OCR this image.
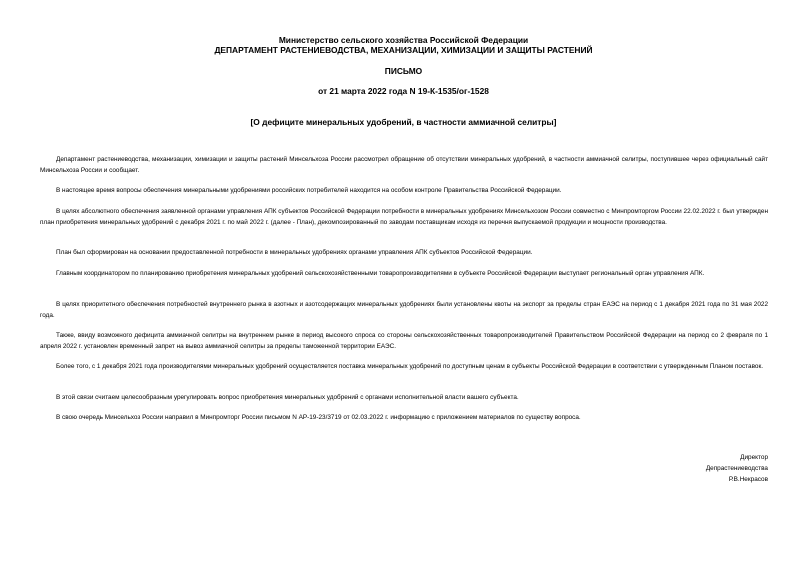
Министерство сельского хозяйства Российской Федерации
ДЕПАРТАМЕНТ РАСТЕНИЕВОДСТВА, МЕХАНИЗАЦИИ, ХИМИЗАЦИИ И ЗАЩИТЫ РАСТЕНИЙ
ПИСЬМО
от 21 марта 2022 года N 19-К-1535/ог-1528
[О дефиците минеральных удобрений, в частности аммиачной селитры]
Департамент растениеводства, механизации, химизации и защиты растений Минсельхоза России рассмотрел обращение об отсутствии минеральных удобрений, в частности аммиачной селитры, поступившее через официальный сайт Минсельхоза России и сообщает.
В настоящее время вопросы обеспечения минеральными удобрениями российских потребителей находится на особом контроле Правительства Российской Федерации.
В целях абсолютного обеспечения заявленной органами управления АПК субъектов Российской Федерации потребности в минеральных удобрениях Минсельхозом России совместно с Минпромторгом России 22.02.2022 г. был утвержден план приобретения минеральных удобрений с декабря 2021 г. по май 2022 г. (далее - План), декомпозированный по заводам поставщикам исходя из перечня выпускаемой продукции и мощности производства.
План был сформирован на основании предоставленной потребности в минеральных удобрениях органами управления АПК субъектов Российской Федерации.
Главным координатором по планированию приобретения минеральных удобрений сельскохозяйственными товаропроизводителями в субъекте Российской Федерации выступает региональный орган управления АПК.
В целях приоритетного обеспечения потребностей внутреннего рынка в азотных и азотсодержащих минеральных удобрениях были установлены квоты на экспорт за пределы стран ЕАЭС на период с 1 декабря 2021 года по 31 мая 2022 года.
Также, ввиду возможного дефицита аммиачной селитры на внутреннем рынке в период высокого спроса со стороны сельскохозяйственных товаропроизводителей Правительством Российской Федерации на период со 2 февраля по 1 апреля 2022 г. установлен временный запрет на вывоз аммиачной селитры за пределы таможенной территории ЕАЭС.
Более того, с 1 декабря 2021 года производителями минеральных удобрений осуществляется поставка минеральных удобрений по доступным ценам в субъекты Российской Федерации в соответствии с утвержденным Планом поставок.
В этой связи считаем целесообразным урегулировать вопрос приобретения минеральных удобрений с органами исполнительной власти вашего субъекта.
В свою очередь Минсельхоз России направил в Минпромторг России письмом N АР-19-23/3719 от 02.03.2022 г. информацию с приложением материалов по существу вопроса.
Директор
Депрастениеводства
Р.В.Некрасов
